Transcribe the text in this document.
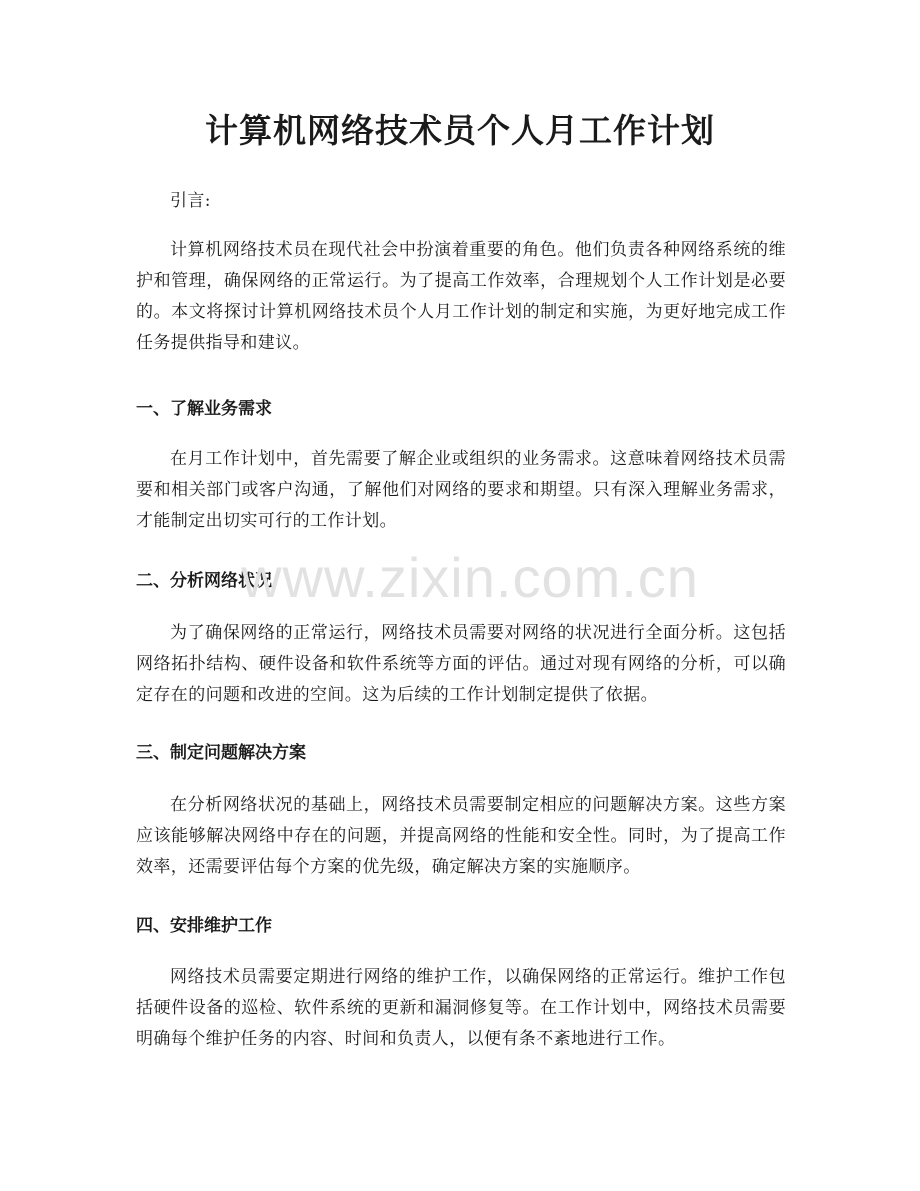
计算机网络技术员个人月工作计划

引言:

计算机网络技术员在现代社会中扮演着重要的角色。他们负责各种网络系统的维护和管理，确保网络的正常运行。为了提高工作效率，合理规划个人工作计划是必要的。本文将探讨计算机网络技术员个人月工作计划的制定和实施，为更好地完成工作任务提供指导和建议。

一、了解业务需求

在月工作计划中，首先需要了解企业或组织的业务需求。这意味着网络技术员需要和相关部门或客户沟通，了解他们对网络的要求和期望。只有深入理解业务需求，才能制定出切实可行的工作计划。

二、分析网络状况

为了确保网络的正常运行，网络技术员需要对网络的状况进行全面分析。这包括网络拓扑结构、硬件设备和软件系统等方面的评估。通过对现有网络的分析，可以确定存在的问题和改进的空间。这为后续的工作计划制定提供了依据。

三、制定问题解决方案

在分析网络状况的基础上，网络技术员需要制定相应的问题解决方案。这些方案应该能够解决网络中存在的问题，并提高网络的性能和安全性。同时，为了提高工作效率，还需要评估每个方案的优先级，确定解决方案的实施顺序。

四、安排维护工作

网络技术员需要定期进行网络的维护工作，以确保网络的正常运行。维护工作包括硬件设备的巡检、软件系统的更新和漏洞修复等。在工作计划中，网络技术员需要明确每个维护任务的内容、时间和负责人，以便有条不紊地进行工作。

www.zixin.com.cn
